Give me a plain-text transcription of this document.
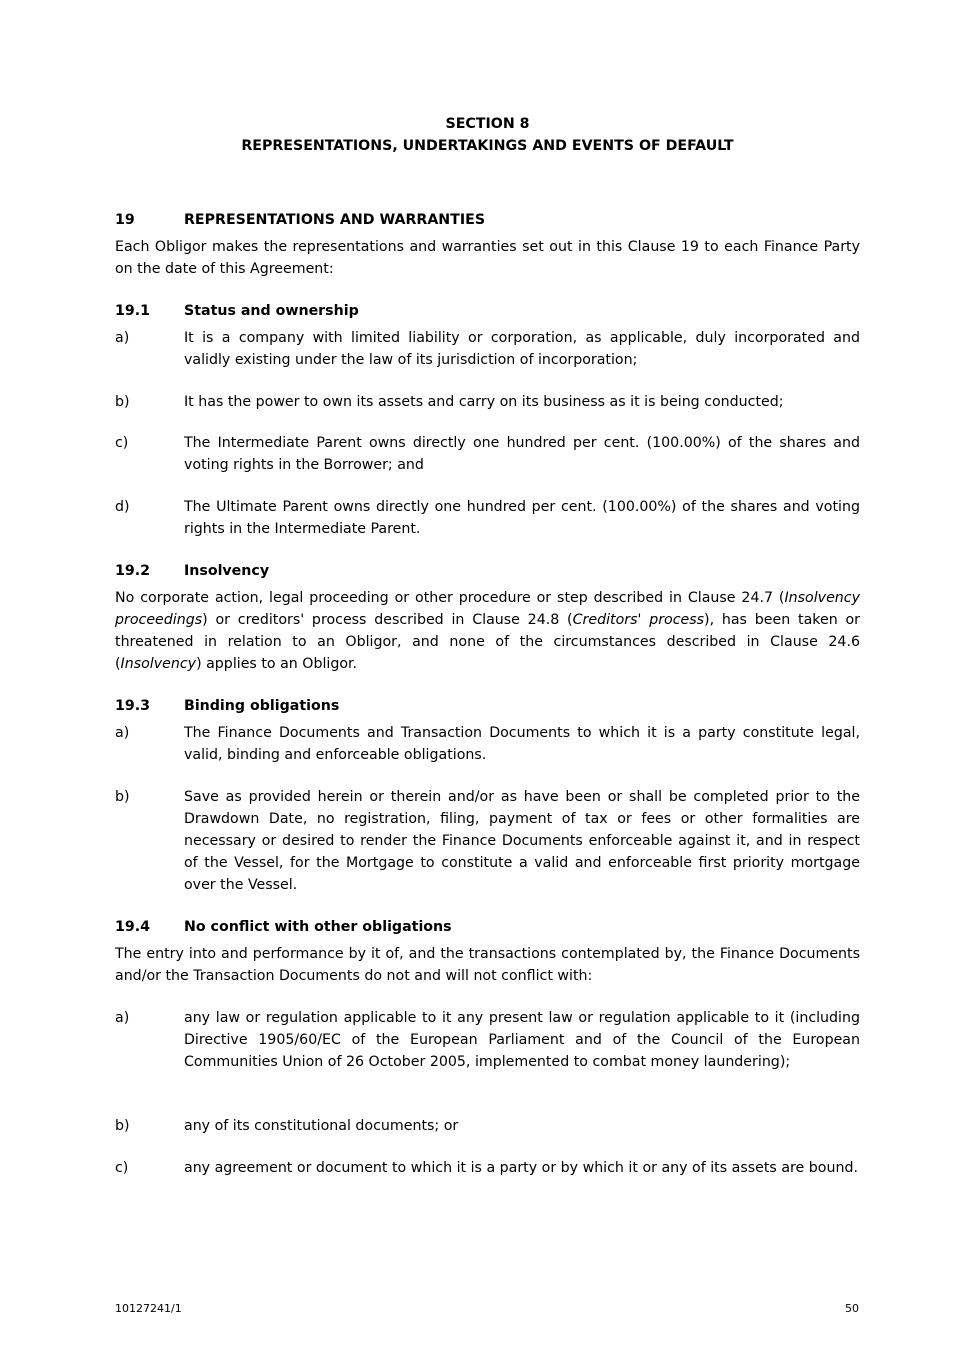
SECTION 8
REPRESENTATIONS, UNDERTAKINGS AND EVENTS OF DEFAULT
19	REPRESENTATIONS AND WARRANTIES
Each Obligor makes the representations and warranties set out in this Clause 19 to each Finance Party on the date of this Agreement:
19.1 Status and ownership
a)	It is a company with limited liability or corporation, as applicable, duly incorporated and validly existing under the law of its jurisdiction of incorporation;
b)	It has the power to own its assets and carry on its business as it is being conducted;
c)	The Intermediate Parent owns directly one hundred per cent. (100.00%) of the shares and voting rights in the Borrower; and
d)	The Ultimate Parent owns directly one hundred per cent. (100.00%) of the shares and voting rights in the Intermediate Parent.
19.2 Insolvency
No corporate action, legal proceeding or other procedure or step described in Clause 24.7 (Insolvency proceedings) or creditors' process described in Clause 24.8 (Creditors' process), has been taken or threatened in relation to an Obligor, and none of the circumstances described in Clause 24.6 (Insolvency) applies to an Obligor.
19.3 Binding obligations
a)	The Finance Documents and Transaction Documents to which it is a party constitute legal, valid, binding and enforceable obligations.
b)	Save as provided herein or therein and/or as have been or shall be completed prior to the Drawdown Date, no registration, filing, payment of tax or fees or other formalities are necessary or desired to render the Finance Documents enforceable against it, and in respect of the Vessel, for the Mortgage to constitute a valid and enforceable first priority mortgage over the Vessel.
19.4 No conflict with other obligations
The entry into and performance by it of, and the transactions contemplated by, the Finance Documents and/or the Transaction Documents do not and will not conflict with:
a)	any law or regulation applicable to it any present law or regulation applicable to it (including Directive 1905/60/EC of the European Parliament and of the Council of the European Communities Union of 26 October 2005, implemented to combat money laundering);
b)	any of its constitutional documents; or
c)	any agreement or document to which it is a party or by which it or any of its assets are bound.
10127241/1	50
